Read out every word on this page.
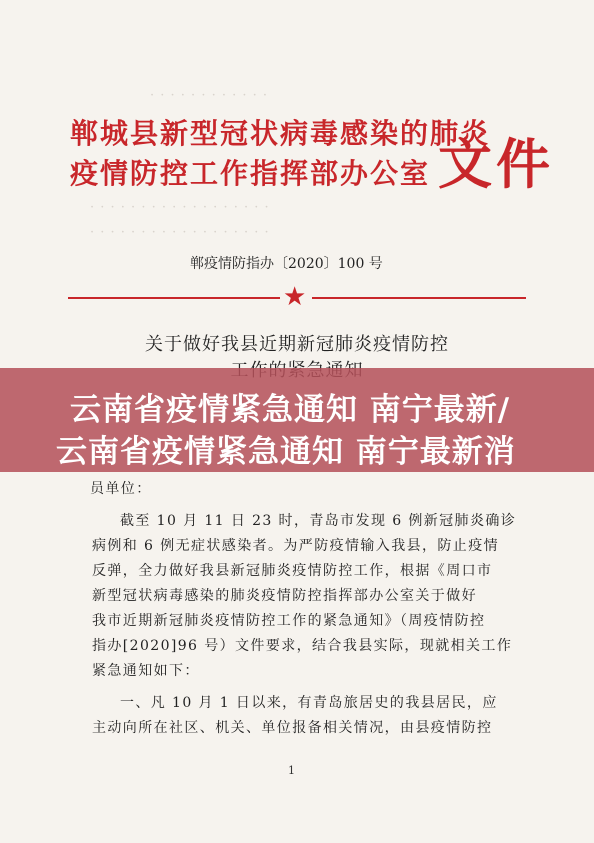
· · · · · · · · · · · ·
· · · · · · · · · · · · · · · · · ·
· · · · · · · · · · · · · · · · · ·
郸城县新型冠状病毒感染的肺炎
疫情防控工作指挥部办公室 文件
郸疫情防指办〔2020〕100 号
★
关于做好我县近期新冠肺炎疫情防控
云南省疫情紧急通知 南宁最新/
云南省疫情紧急通知 南宁最新消
员单位：
截至 10 月 11 日 23 时，青岛市发现 6 例新冠肺炎确诊
病例和 6 例无症状感染者。为严防疫情输入我县，防止疫情
反弹，全力做好我县新冠肺炎疫情防控工作，根据《周口市
新型冠状病毒感染的肺炎疫情防控指挥部办公室关于做好
我市近期新冠肺炎疫情防控工作的紧急通知》（周疫情防控
指办[2020]96 号）文件要求，结合我县实际，现就相关工作
紧急通知如下：
一、凡 10 月 1 日以来，有青岛旅居史的我县居民，应
主动向所在社区、机关、单位报备相关情况，由县疫情防控
1
